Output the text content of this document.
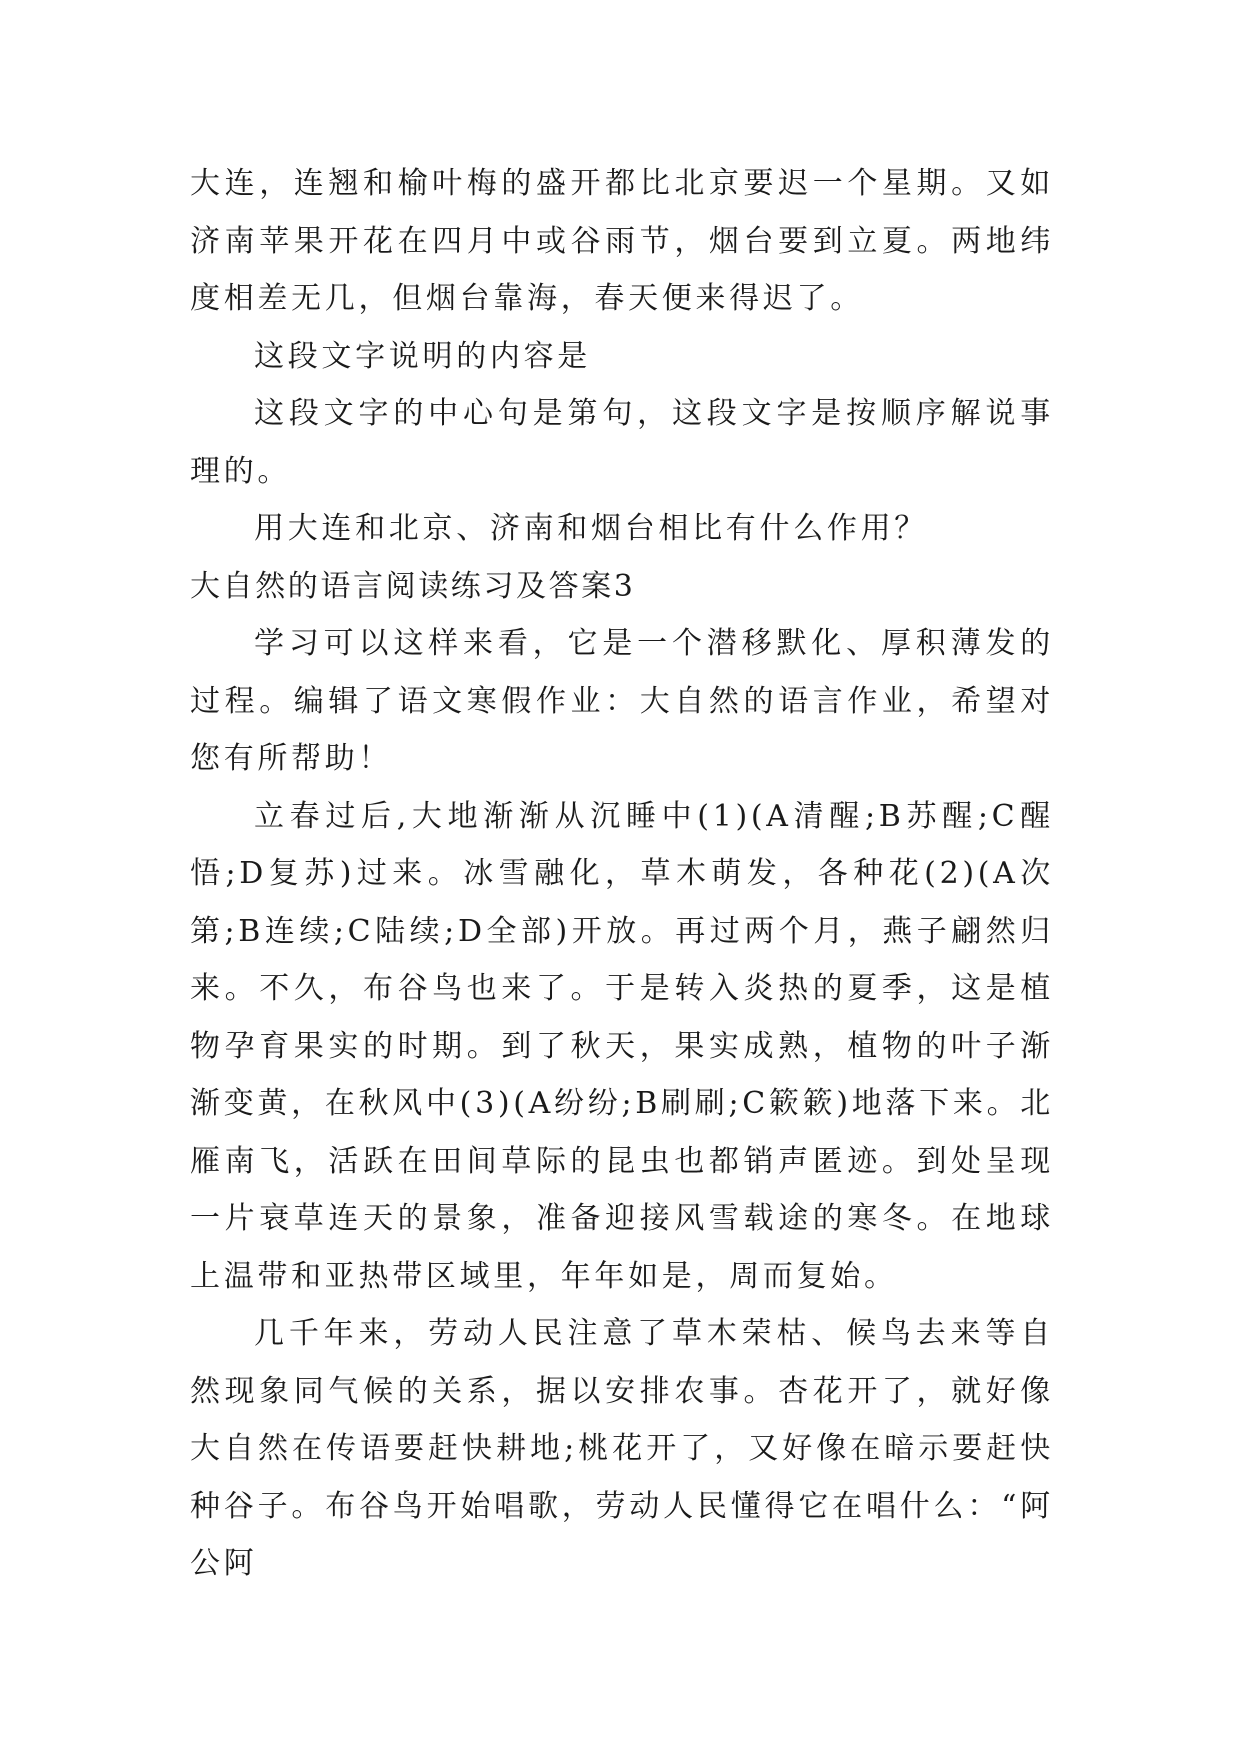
大连，连翘和榆叶梅的盛开都比北京要迟一个星期。又如济南苹果开花在四月中或谷雨节，烟台要到立夏。两地纬度相差无几，但烟台靠海，春天便来得迟了。

这段文字说明的内容是

这段文字的中心句是第句，这段文字是按顺序解说事理的。

用大连和北京、济南和烟台相比有什么作用？

大自然的语言阅读练习及答案3

学习可以这样来看，它是一个潜移默化、厚积薄发的过程。编辑了语文寒假作业：大自然的语言作业，希望对您有所帮助！

立春过后,大地渐渐从沉睡中(1)(A清醒;B苏醒;C醒悟;D复苏)过来。冰雪融化，草木萌发，各种花(2)(A次第;B连续;C陆续;D全部)开放。再过两个月，燕子翩然归来。不久，布谷鸟也来了。于是转入炎热的夏季，这是植物孕育果实的时期。到了秋天，果实成熟，植物的叶子渐渐变黄，在秋风中(3)(A纷纷;B刷刷;C簌簌)地落下来。北雁南飞，活跃在田间草际的昆虫也都销声匿迹。到处呈现一片衰草连天的景象，准备迎接风雪载途的寒冬。在地球上温带和亚热带区域里，年年如是，周而复始。

几千年来，劳动人民注意了草木荣枯、候鸟去来等自然现象同气候的关系，据以安排农事。杏花开了，就好像大自然在传语要赶快耕地;桃花开了，又好像在暗示要赶快种谷子。布谷鸟开始唱歌，劳动人民懂得它在唱什么：“阿公阿
